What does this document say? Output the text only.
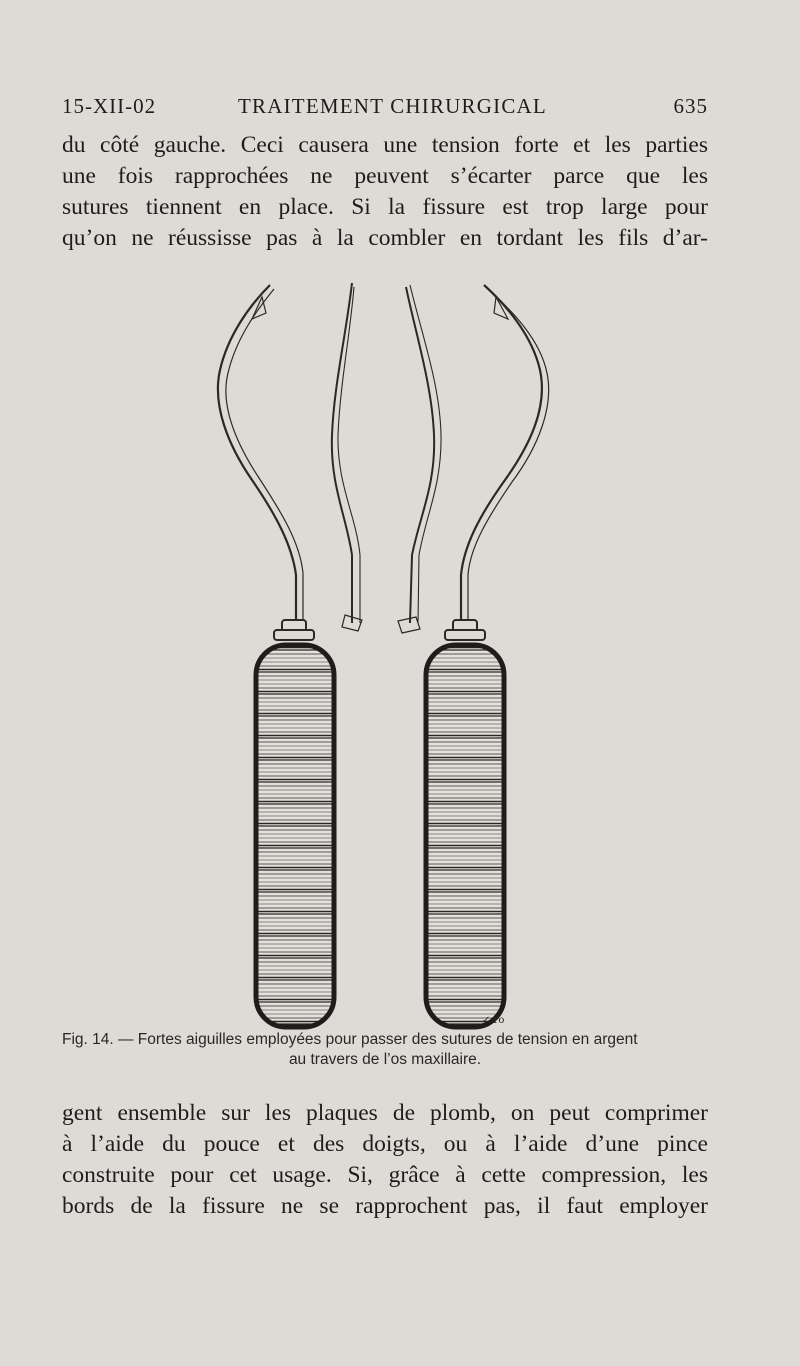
15-XII-02	TRAITEMENT CHIRURGICAL	635
du côté gauche. Ceci causera une tension forte et les parties
une fois rapprochées ne peuvent s’écarter parce que les
sutures tiennent en place. Si la fissure est trop large pour
qu’on ne réussisse pas à la combler en tordant les fils d’ar-
✓ ro
Fig. 14. — Fortes aiguilles employées pour passer des sutures de tension en argent
au travers de l’os maxillaire.
gent ensemble sur les plaques de plomb, on peut comprimer
à l’aide du pouce et des doigts, ou à l’aide d’une pince
construite pour cet usage. Si, grâce à cette compression, les
bords de la fissure ne se rapprochent pas, il faut employer
